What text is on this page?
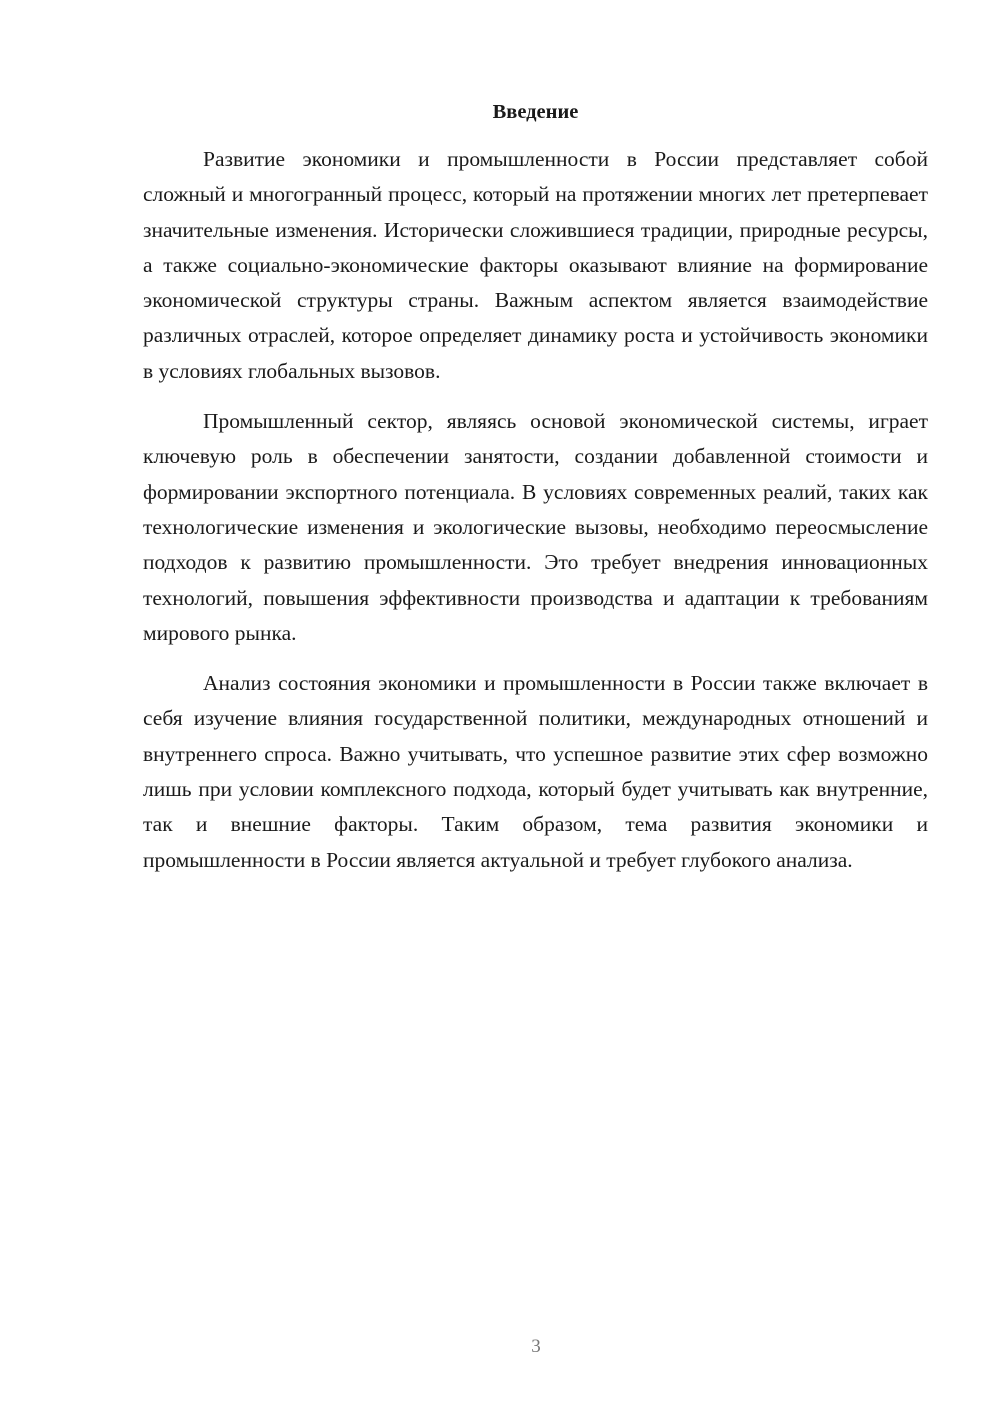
Введение

Развитие экономики и промышленности в России представляет собой сложный и многогранный процесс, который на протяжении многих лет претерпевает значительные изменения. Исторически сложившиеся традиции, природные ресурсы, а также социально-экономические факторы оказывают влияние на формирование экономической структуры страны. Важным аспектом является взаимодействие различных отраслей, которое определяет динамику роста и устойчивость экономики в условиях глобальных вызовов.

Промышленный сектор, являясь основой экономической системы, играет ключевую роль в обеспечении занятости, создании добавленной стоимости и формировании экспортного потенциала. В условиях современных реалий, таких как технологические изменения и экологические вызовы, необходимо переосмысление подходов к развитию промышленности. Это требует внедрения инновационных технологий, повышения эффективности производства и адаптации к требованиям мирового рынка.

Анализ состояния экономики и промышленности в России также включает в себя изучение влияния государственной политики, международных отношений и внутреннего спроса. Важно учитывать, что успешное развитие этих сфер возможно лишь при условии комплексного подхода, который будет учитывать как внутренние, так и внешние факторы. Таким образом, тема развития экономики и промышленности в России является актуальной и требует глубокого анализа.

3
